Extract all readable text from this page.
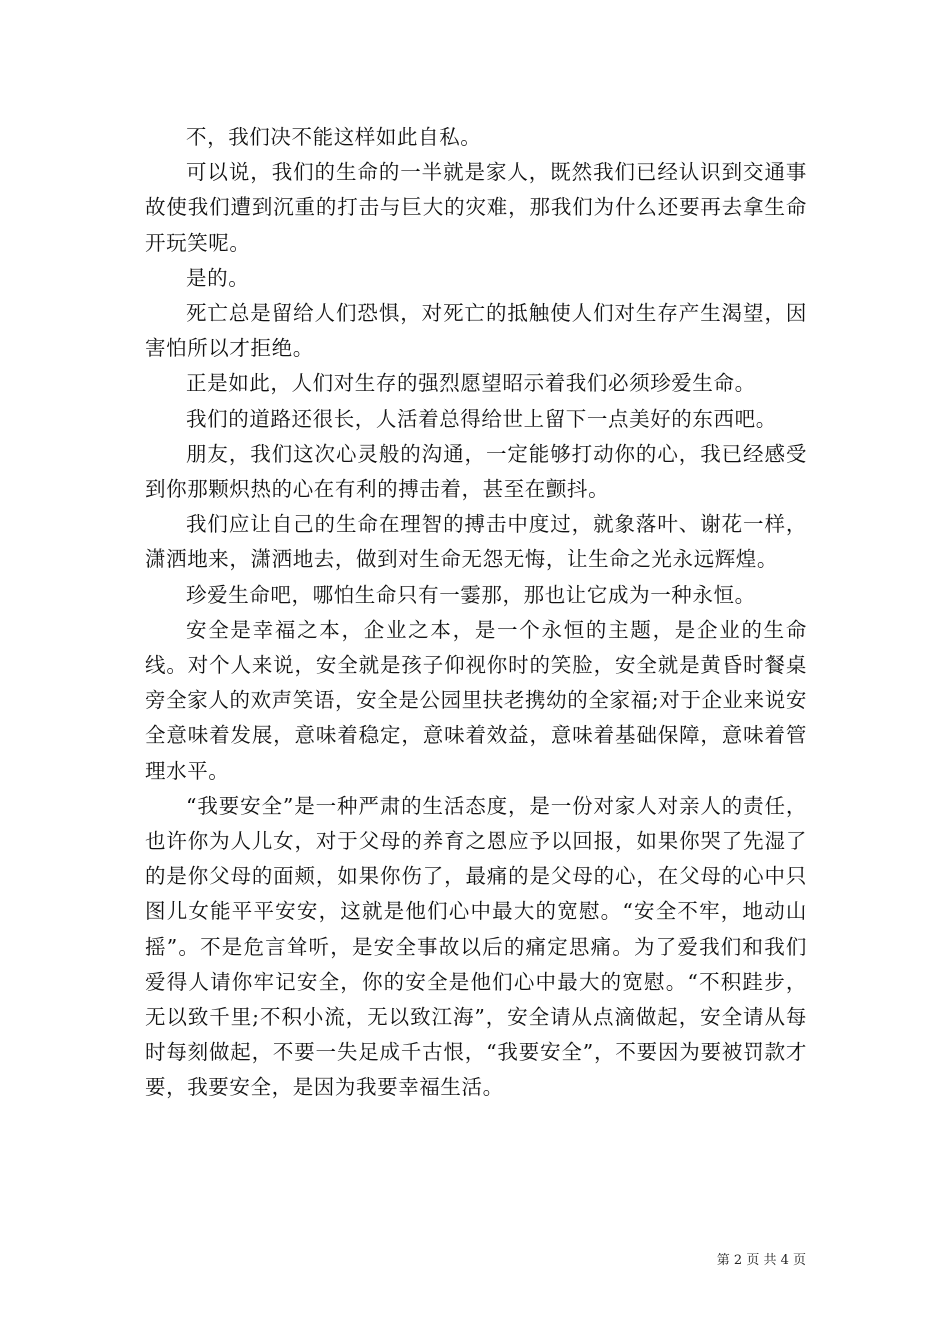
不，我们决不能这样如此自私。

可以说，我们的生命的一半就是家人，既然我们已经认识到交通事故使我们遭到沉重的打击与巨大的灾难，那我们为什么还要再去拿生命开玩笑呢。

是的。

死亡总是留给人们恐惧，对死亡的抵触使人们对生存产生渴望，因害怕所以才拒绝。

正是如此，人们对生存的强烈愿望昭示着我们必须珍爱生命。

我们的道路还很长，人活着总得给世上留下一点美好的东西吧。

朋友，我们这次心灵般的沟通，一定能够打动你的心，我已经感受到你那颗炽热的心在有利的搏击着，甚至在颤抖。

我们应让自己的生命在理智的搏击中度过，就象落叶、谢花一样，潇洒地来，潇洒地去，做到对生命无怨无悔，让生命之光永远辉煌。

珍爱生命吧，哪怕生命只有一霎那，那也让它成为一种永恒。

安全是幸福之本，企业之本，是一个永恒的主题，是企业的生命线。对个人来说，安全就是孩子仰视你时的笑脸，安全就是黄昏时餐桌旁全家人的欢声笑语，安全是公园里扶老携幼的全家福;对于企业来说安全意味着发展，意味着稳定，意味着效益，意味着基础保障，意味着管理水平。

“我要安全”是一种严肃的生活态度，是一份对家人对亲人的责任，也许你为人儿女，对于父母的养育之恩应予以回报，如果你哭了先湿了的是你父母的面颊，如果你伤了，最痛的是父母的心，在父母的心中只图儿女能平平安安，这就是他们心中最大的宽慰。“安全不牢，地动山摇”。不是危言耸听，是安全事故以后的痛定思痛。为了爱我们和我们爱得人请你牢记安全，你的安全是他们心中最大的宽慰。“不积跬步，无以致千里;不积小流，无以致江海”，安全请从点滴做起，安全请从每时每刻做起，不要一失足成千古恨，“我要安全”，不要因为要被罚款才要，我要安全，是因为我要幸福生活。

第 2 页 共 4 页
